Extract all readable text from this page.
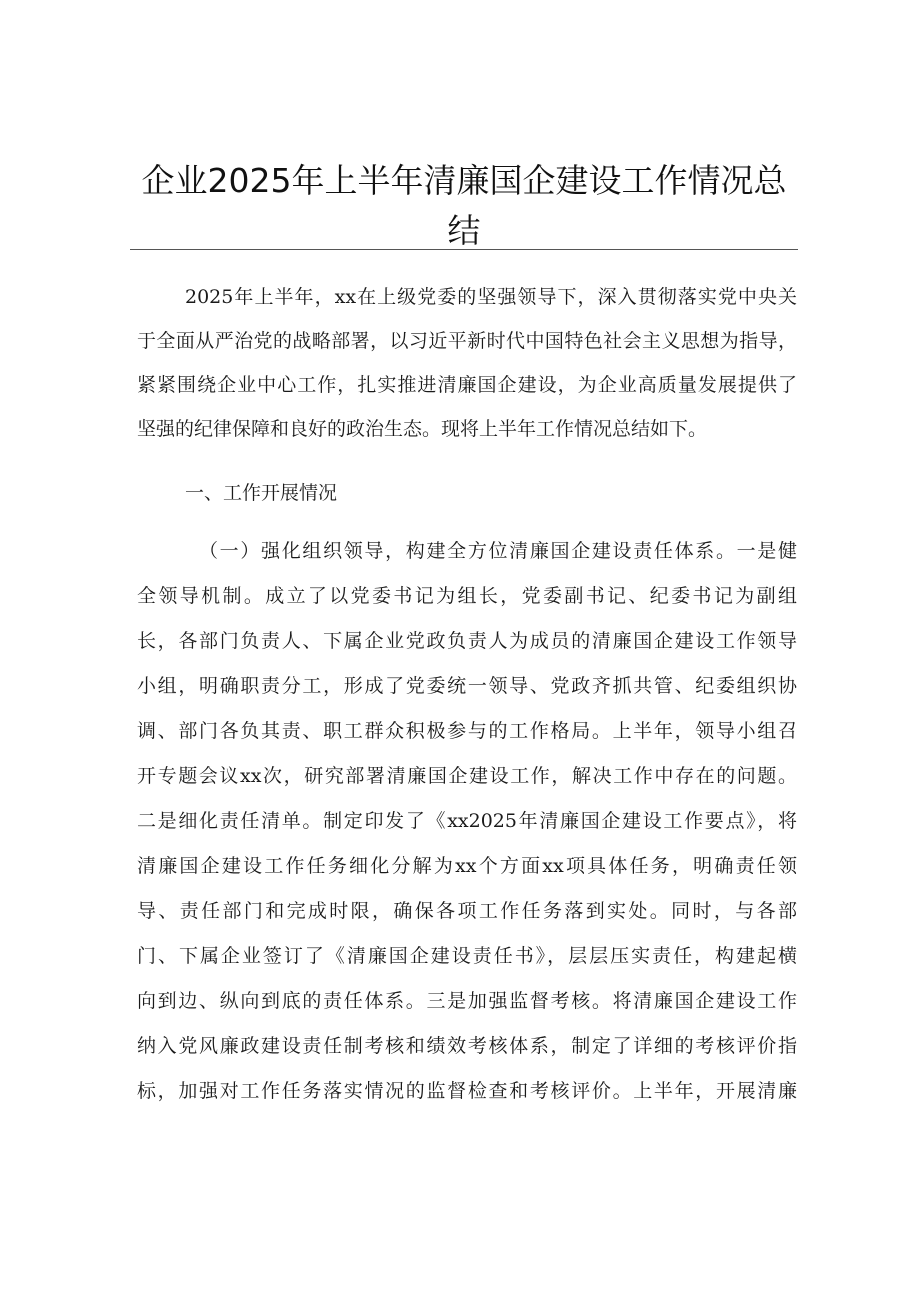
企业2025年上半年清廉国企建设工作情况总
结
2025年上半年，xx在上级党委的坚强领导下，深入贯彻落实党中央关
于全面从严治党的战略部署，以习近平新时代中国特色社会主义思想为指导，
紧紧围绕企业中心工作，扎实推进清廉国企建设，为企业高质量发展提供了
坚强的纪律保障和良好的政治生态。现将上半年工作情况总结如下。
一、工作开展情况
（一）强化组织领导，构建全方位清廉国企建设责任体系。一是健
全领导机制。成立了以党委书记为组长，党委副书记、纪委书记为副组
长，各部门负责人、下属企业党政负责人为成员的清廉国企建设工作领导
小组，明确职责分工，形成了党委统一领导、党政齐抓共管、纪委组织协
调、部门各负其责、职工群众积极参与的工作格局。上半年，领导小组召
开专题会议xx次，研究部署清廉国企建设工作，解决工作中存在的问题。
二是细化责任清单。制定印发了《xx2025年清廉国企建设工作要点》，将
清廉国企建设工作任务细化分解为xx个方面xx项具体任务，明确责任领
导、责任部门和完成时限，确保各项工作任务落到实处。同时，与各部
门、下属企业签订了《清廉国企建设责任书》，层层压实责任，构建起横
向到边、纵向到底的责任体系。三是加强监督考核。将清廉国企建设工作
纳入党风廉政建设责任制考核和绩效考核体系，制定了详细的考核评价指
标，加强对工作任务落实情况的监督检查和考核评价。上半年，开展清廉
